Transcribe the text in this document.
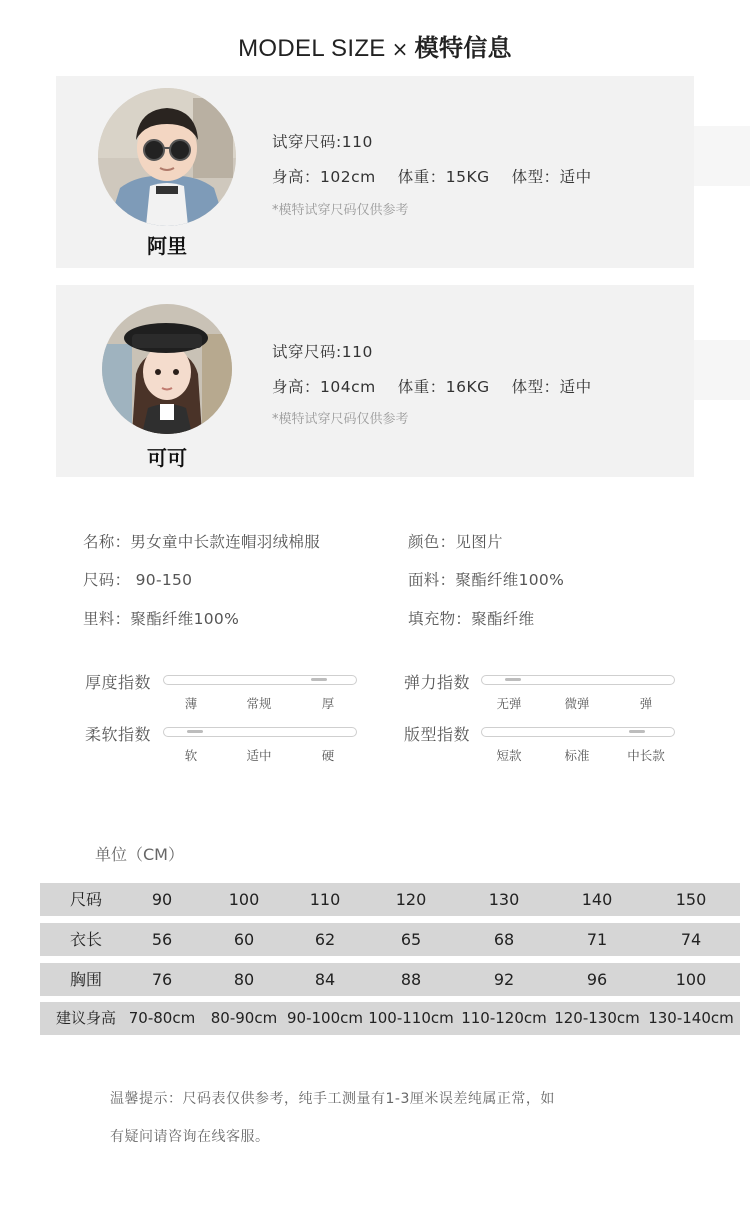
MODEL SIZE × 模特信息
阿里
试穿尺码:110
身高：102cm 体重：15KG 体型：适中
*模特试穿尺码仅供参考
可可
试穿尺码:110
身高：104cm 体重：16KG 体型：适中
*模特试穿尺码仅供参考
名称：男女童中长款连帽羽绒棉服	颜色：见图片
尺码： 90-150	面料：聚酯纤维100%
里料：聚酯纤维100%	填充物：聚酯纤维
厚度指数
薄	常规	厚
弹力指数
无弹	微弹	弹
柔软指数
软	适中	硬
版型指数
短款	标准	中长款
单位（CM）
尺码	90	100	110	120	130	140	150
衣长	56	60	62	65	68	71	74
胸围	76	80	84	88	92	96	100
建议身高 70-80cm	80-90cm 90-100cm 100-110cm 110-120cm 120-130cm 130-140cm
温馨提示：尺码表仅供参考，纯手工测量有1-3厘米误差纯属正常，如
有疑问请咨询在线客服。
